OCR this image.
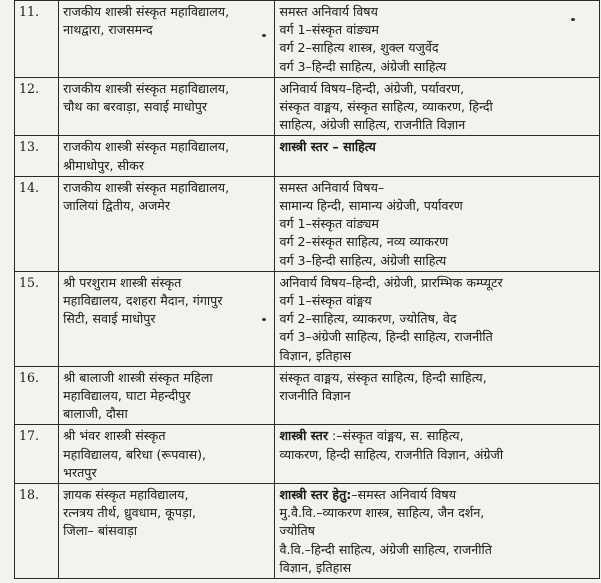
11.	राजकीय शास्त्री संस्कृत महाविद्यालय,
नाथद्वारा, राजसमन्द	समस्त अनिवार्य विषय
वर्ग 1–संस्कृत वांङ्यम
वर्ग 2–साहित्य शास्त्र, शुक्ल यजुर्वेद
वर्ग 3–हिन्दी साहित्य, अंग्रेजी साहित्य

12.	राजकीय शास्त्री संस्कृत महाविद्यालय,
चौथ का बरवाड़ा, सवाई माधोपुर	अनिवार्य विषय–हिन्दी, अंग्रेजी, पर्यावरण,
संस्कृत वाङ्मय, संस्कृत साहित्य, व्याकरण, हिन्दी
साहित्य, अंग्रेजी साहित्य, राजनीति विज्ञान

13.	राजकीय शास्त्री संस्कृत महाविद्यालय,
श्रीमाधोपुर, सीकर	शास्त्री स्तर – साहित्य

14.	राजकीय शास्त्री संस्कृत महाविद्यालय,
जालियां द्वितीय, अजमेर	समस्त अनिवार्य विषय–
सामान्य हिन्दी, सामान्य अंग्रेजी, पर्यावरण
वर्ग 1–संस्कृत वांङ्यम
वर्ग 2–संस्कृत साहित्य, नव्य व्याकरण
वर्ग 3–हिन्दी साहित्य, अंग्रेजी साहित्य

15.	श्री परशुराम शास्त्री संस्कृत
महाविद्यालय, दशहरा मैदान, गंगापुर
सिटी, सवाई माधोपुर	अनिवार्य विषय–हिन्दी, अंग्रेजी, प्रारम्भिक कम्प्यूटर
वर्ग 1–संस्कृत वांङ्मय
वर्ग 2–साहित्य, व्याकरण, ज्योतिष, वेद
वर्ग 3–अंग्रेजी साहित्य, हिन्दी साहित्य, राजनीति
विज्ञान, इतिहास

16.	श्री बालाजी शास्त्री संस्कृत महिला
महाविद्यालय, घाटा मेहन्दीपुर
बालाजी, दौसा	संस्कृत वाङ्मय, संस्कृत साहित्य, हिन्दी साहित्य,
राजनीति विज्ञान

17.	श्री भंवर शास्त्री संस्कृत
महाविद्यालय, बरिधा (रूपवास),
भरतपुर	शास्त्री स्तर :–संस्कृत वांङ्मय, स. साहित्य,
व्याकरण, हिन्दी साहित्य, राजनीति विज्ञान, अंग्रेजी

18.	ज्ञायक संस्कृत महाविद्यालय,
रत्नत्रय तीर्थ, ध्रुवधाम, कूपड़ा,
जिला– बांसवाड़ा	शास्त्री स्तर हेतु:–समस्त अनिवार्य विषय
मु.वै.वि.–व्याकरण शास्त्र, साहित्य, जैन दर्शन,
ज्योतिष
वै.वि.–हिन्दी साहित्य, अंग्रेजी साहित्य, राजनीति
विज्ञान, इतिहास
